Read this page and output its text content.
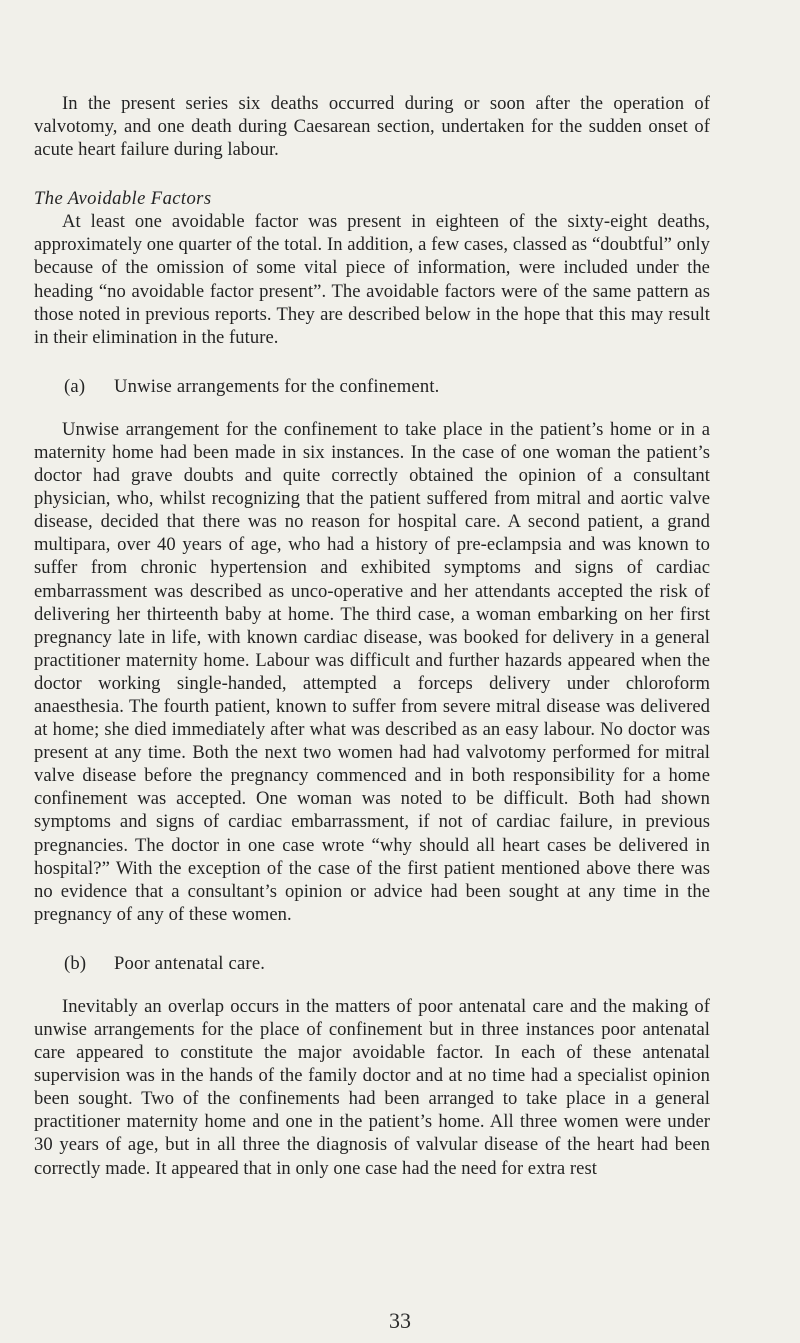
In the present series six deaths occurred during or soon after the operation of valvotomy, and one death during Caesarean section, undertaken for the sudden onset of acute heart failure during labour.

The Avoidable Factors

At least one avoidable factor was present in eighteen of the sixty-eight deaths, approximately one quarter of the total. In addition, a few cases, classed as “doubtful” only because of the omission of some vital piece of information, were included under the heading “no avoidable factor present”. The avoidable factors were of the same pattern as those noted in previous reports. They are described below in the hope that this may result in their elimination in the future.

(a) Unwise arrangements for the confinement.

Unwise arrangement for the confinement to take place in the patient’s home or in a maternity home had been made in six instances. In the case of one woman the patient’s doctor had grave doubts and quite correctly obtained the opinion of a consultant physician, who, whilst recognizing that the patient suffered from mitral and aortic valve disease, decided that there was no reason for hospital care. A second patient, a grand multipara, over 40 years of age, who had a history of pre-eclampsia and was known to suffer from chronic hypertension and exhibited symptoms and signs of cardiac embarrassment was described as unco-operative and her attendants accepted the risk of delivering her thirteenth baby at home. The third case, a woman embarking on her first pregnancy late in life, with known cardiac disease, was booked for delivery in a general practitioner maternity home. Labour was difficult and further hazards appeared when the doctor working single-handed, attempted a forceps delivery under chloroform anaesthesia. The fourth patient, known to suffer from severe mitral disease was delivered at home; she died immediately after what was described as an easy labour. No doctor was present at any time. Both the next two women had had valvotomy performed for mitral valve disease before the pregnancy commenced and in both responsibility for a home confinement was accepted. One woman was noted to be difficult. Both had shown symptoms and signs of cardiac embarrassment, if not of cardiac failure, in previous pregnancies. The doctor in one case wrote “why should all heart cases be delivered in hospital?” With the exception of the case of the first patient mentioned above there was no evidence that a consultant’s opinion or advice had been sought at any time in the pregnancy of any of these women.

(b) Poor antenatal care.

Inevitably an overlap occurs in the matters of poor antenatal care and the making of unwise arrangements for the place of confinement but in three instances poor antenatal care appeared to constitute the major avoidable factor. In each of these antenatal supervision was in the hands of the family doctor and at no time had a specialist opinion been sought. Two of the confinements had been arranged to take place in a general practitioner maternity home and one in the patient’s home. All three women were under 30 years of age, but in all three the diagnosis of valvular disease of the heart had been correctly made. It appeared that in only one case had the need for extra rest

33
